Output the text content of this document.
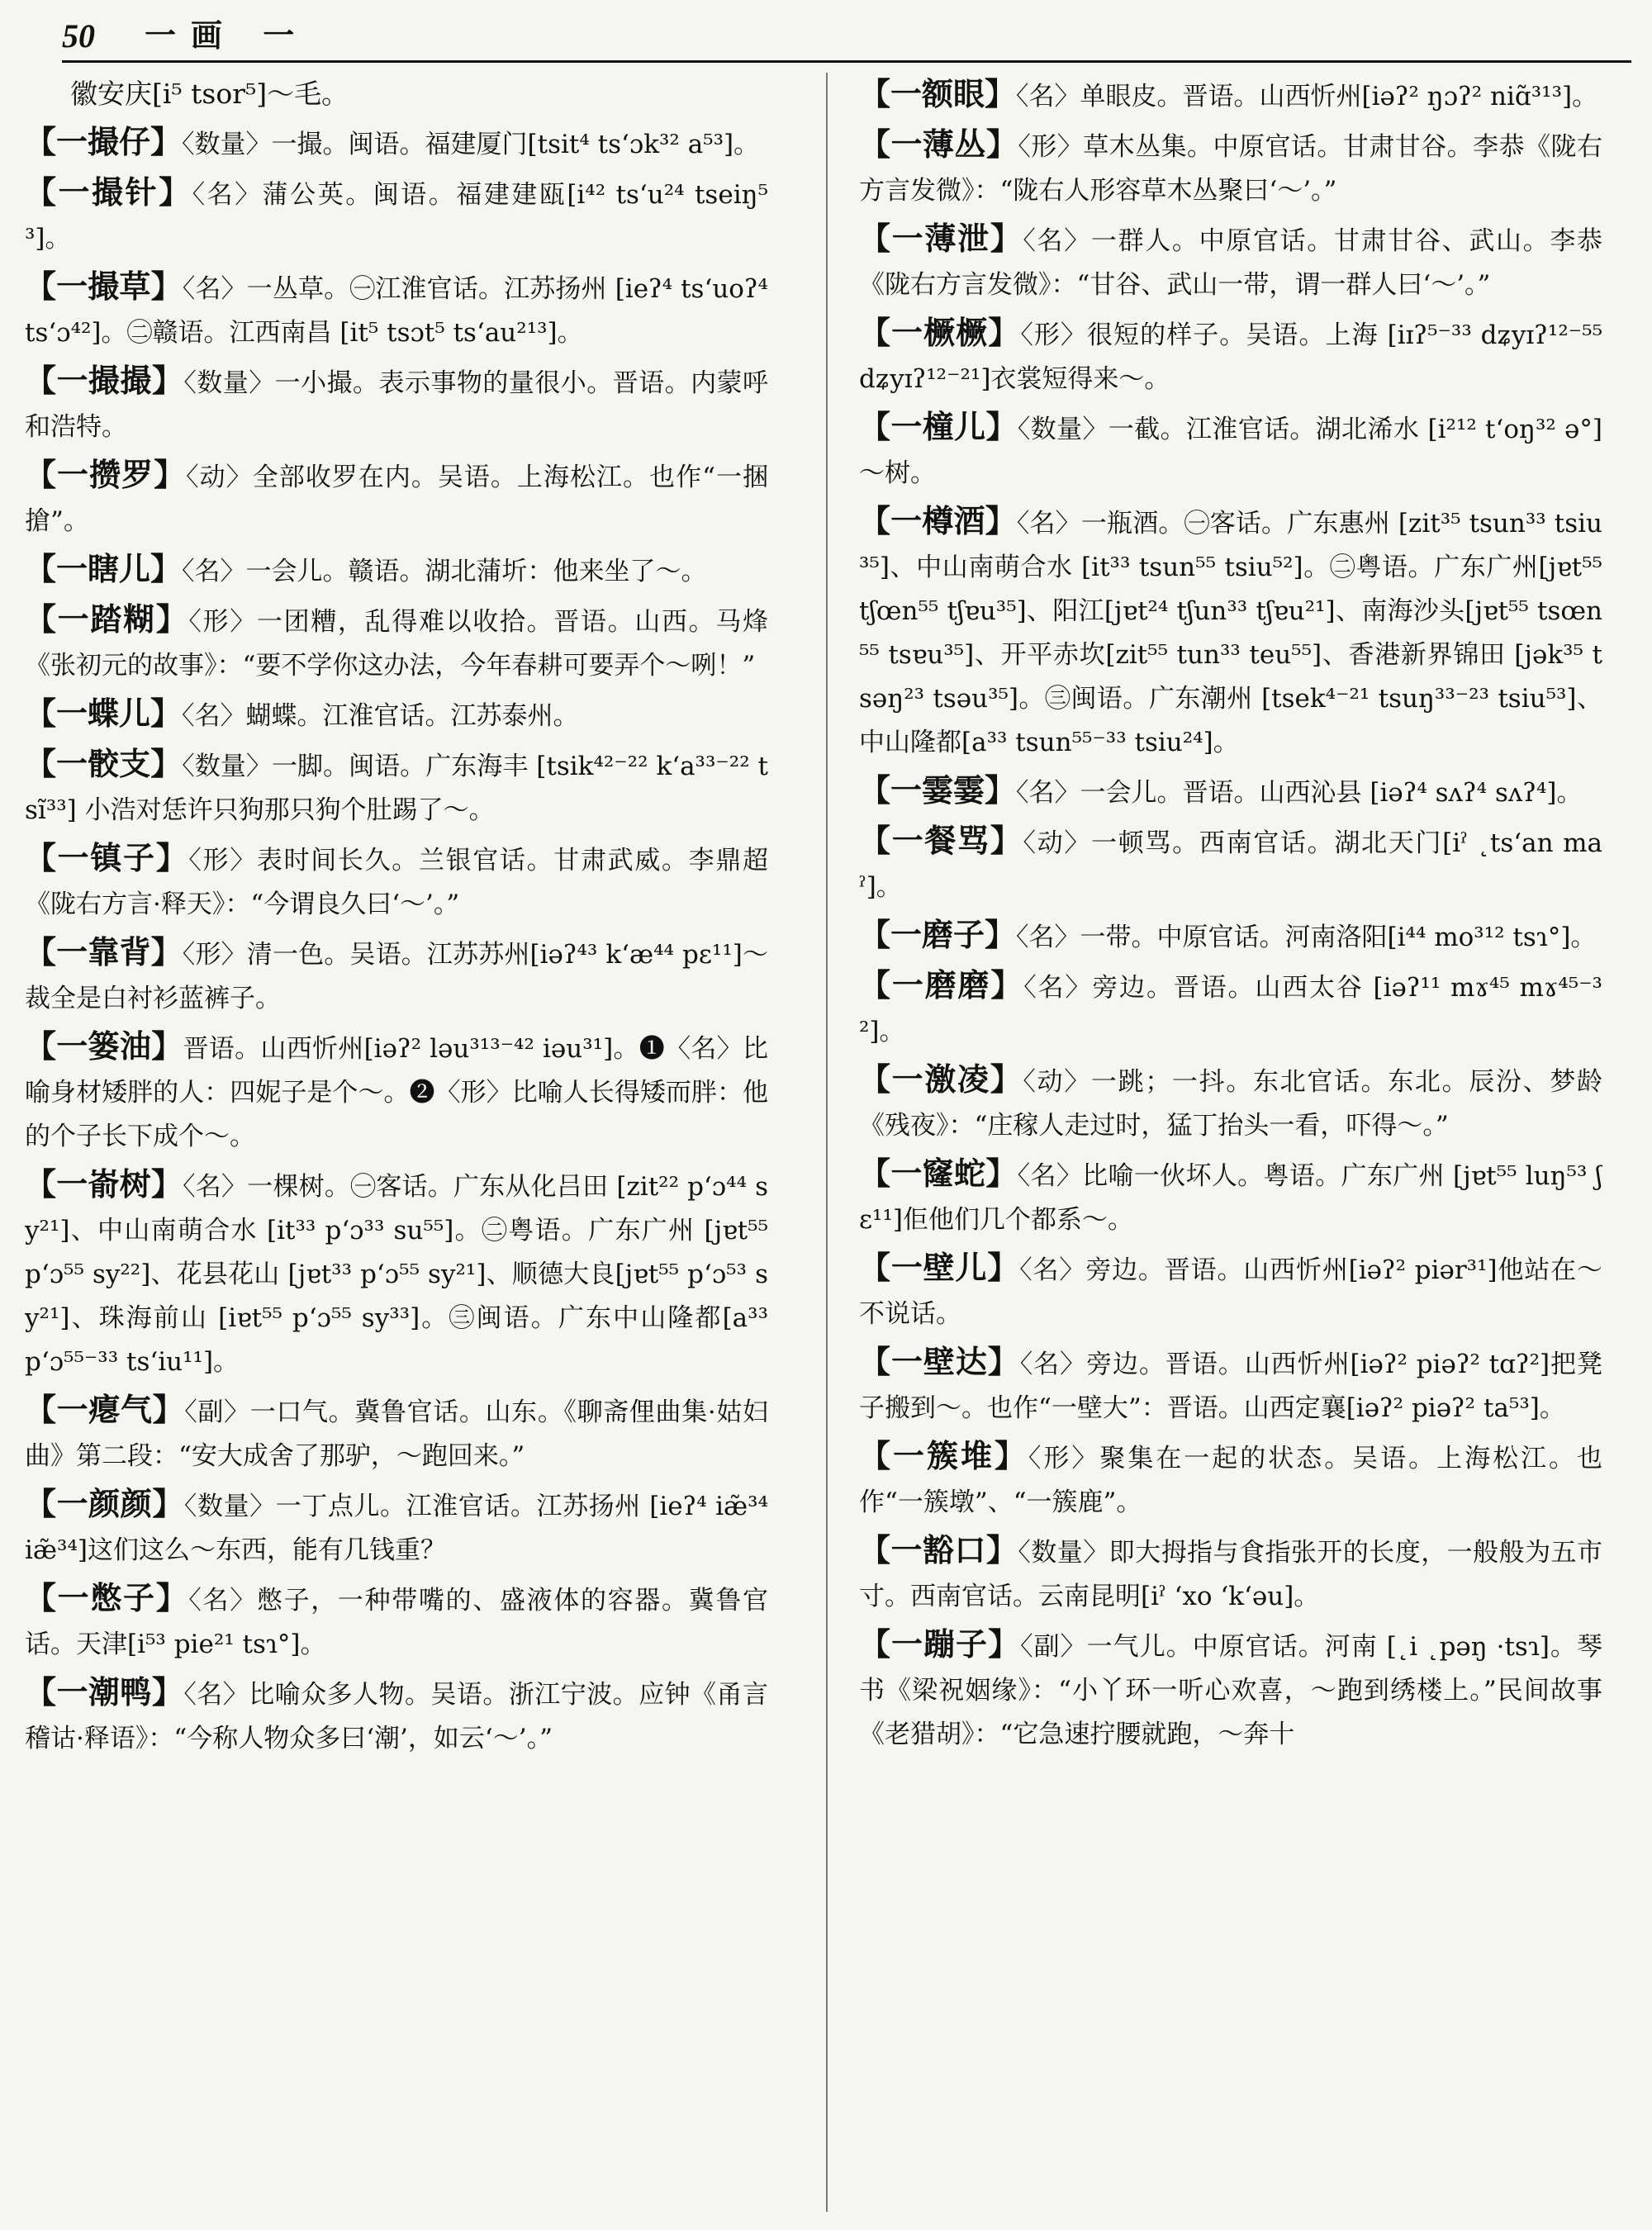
50 一画 一

徽安庆[i⁵ tsor⁵]～毛。

【一撮仔】〈数量〉一撮。闽语。福建厦门[tsit⁴ ts‘ɔk³² a⁵³]。

【一撮针】〈名〉蒲公英。闽语。福建建瓯[i⁴² ts‘u²⁴ tseiŋ⁵³]。

【一撮草】〈名〉一丛草。㊀江淮官话。江苏扬州 [ieʔ⁴ ts‘uoʔ⁴ ts‘ɔ⁴²]。㊁赣语。江西南昌 [it⁵ tsɔt⁵ ts‘au²¹³]。

【一撮撮】〈数量〉一小撮。表示事物的量很小。晋语。内蒙呼和浩特。

【一攒罗】〈动〉全部收罗在内。吴语。上海松江。也作“一捆搶”。

【一瞎儿】〈名〉一会儿。赣语。湖北蒲圻：他来坐了～。

【一踏糊】〈形〉一团糟，乱得难以收拾。晋语。山西。马烽《张初元的故事》：“要不学你这办法，今年春耕可要弄个～咧！”

【一蝶儿】〈名〉蝴蝶。江淮官话。江苏泰州。

【一骹支】〈数量〉一脚。闽语。广东海丰 [tsik⁴²⁻²² k‘a³³⁻²² tsĩ³³] 小浩对恁许只狗那只狗个肚踢了～。

【一镇子】〈形〉表时间长久。兰银官话。甘肃武威。李鼎超《陇右方言·释天》：“今谓良久曰‘～’。”

【一靠背】〈形〉清一色。吴语。江苏苏州[iəʔ⁴³ k‘æ⁴⁴ pɛ¹¹]～裁全是白衬衫蓝裤子。

【一篓油】晋语。山西忻州[iəʔ² ləu³¹³⁻⁴² iəu³¹]。❶〈名〉比喻身材矮胖的人：四妮子是个～。❷〈形〉比喻人长得矮而胖：他的个子长下成个～。

【一嵛树】〈名〉一棵树。㊀客话。广东从化吕田 [zit²² p‘ɔ⁴⁴ sy²¹]、中山南萌合水 [it³³ p‘ɔ³³ su⁵⁵]。㊁粤语。广东广州 [jɐt⁵⁵ p‘ɔ⁵⁵ sy²²]、花县花山 [jɐt³³ p‘ɔ⁵⁵ sy²¹]、顺德大良[jɐt⁵⁵ p‘ɔ⁵³ sy²¹]、珠海前山 [iɐt⁵⁵ p‘ɔ⁵⁵ sy³³]。㊂闽语。广东中山隆都[a³³ p‘ɔ⁵⁵⁻³³ ts‘iu¹¹]。

【一瘪气】〈副〉一口气。冀鲁官话。山东。《聊斋俚曲集·姑妇曲》第二段：“安大成舍了那驴，～跑回来。”

【一颜颜】〈数量〉一丁点儿。江淮官话。江苏扬州 [ieʔ⁴ iæ̃³⁴ iæ̃³⁴]这们这么～东西，能有几钱重？

【一憋子】〈名〉憋子，一种带嘴的、盛液体的容器。冀鲁官话。天津[i⁵³ pie²¹ tsɿ°]。

【一潮鸭】〈名〉比喻众多人物。吴语。浙江宁波。应钟《甬言稽诂·释语》：“今称人物众多曰‘潮’，如云‘～’。”

【一额眼】〈名〉单眼皮。晋语。山西忻州[iəʔ² ŋɔʔ² niɑ̃³¹³]。

【一薄丛】〈形〉草木丛集。中原官话。甘肃甘谷。李恭《陇右方言发微》：“陇右人形容草木丛聚曰‘～’。”

【一薄泄】〈名〉一群人。中原官话。甘肃甘谷、武山。李恭《陇右方言发微》：“甘谷、武山一带，谓一群人曰‘～’。”

【一橛橛】〈形〉很短的样子。吴语。上海 [iɪʔ⁵⁻³³ dʑyɪʔ¹²⁻⁵⁵ dʑyɪʔ¹²⁻²¹]衣裳短得来～。

【一橦儿】〈数量〉一截。江淮官话。湖北浠水 [i²¹² t‘oŋ³² ə°]～树。

【一樽酒】〈名〉一瓶酒。㊀客话。广东惠州 [zit³⁵ tsun³³ tsiu³⁵]、中山南萌合水 [it³³ tsun⁵⁵ tsiu⁵²]。㊁粤语。广东广州[jɐt⁵⁵ tʃœn⁵⁵ tʃɐu³⁵]、阳江[jɐt²⁴ tʃun³³ tʃɐu²¹]、南海沙头[jɐt⁵⁵ tsœn⁵⁵ tsɐu³⁵]、开平赤坎[zit⁵⁵ tun³³ teu⁵⁵]、香港新界锦田 [jək³⁵ tsəŋ²³ tsəu³⁵]。㊂闽语。广东潮州 [tsek⁴⁻²¹ tsuŋ³³⁻²³ tsiu⁵³]、中山隆都[a³³ tsun⁵⁵⁻³³ tsiu²⁴]。

【一霎霎】〈名〉一会儿。晋语。山西沁县 [iəʔ⁴ sʌʔ⁴ sʌʔ⁴]。

【一餐骂】〈动〉一顿骂。西南官话。湖北天门[iˀ ˛ts‘an maˀ]。

【一磨子】〈名〉一带。中原官话。河南洛阳[i⁴⁴ mo³¹² tsɿ°]。

【一磨磨】〈名〉旁边。晋语。山西太谷 [iəʔ¹¹ mɤ⁴⁵ mɤ⁴⁵⁻³²]。

【一激凌】〈动〉一跳；一抖。东北官话。东北。辰汾、梦龄《残夜》：“庄稼人走过时，猛丁抬头一看，吓得～。”

【一窿蛇】〈名〉比喻一伙坏人。粤语。广东广州 [jɐt⁵⁵ luŋ⁵³ ʃɛ¹¹]佢他们几个都系～。

【一壁儿】〈名〉旁边。晋语。山西忻州[iəʔ² piər³¹]他站在～不说话。

【一壁达】〈名〉旁边。晋语。山西忻州[iəʔ² piəʔ² tɑʔ²]把凳子搬到～。也作“一壁大”：晋语。山西定襄[iəʔ² piəʔ² ta⁵³]。

【一簇堆】〈形〉聚集在一起的状态。吴语。上海松江。也作“一簇墩”、“一簇鹿”。

【一豁口】〈数量〉即大拇指与食指张开的长度，一般般为五市寸。西南官话。云南昆明[iˀ ‘xo ‘k‘əu]。

【一蹦子】〈副〉一气儿。中原官话。河南 [˛i ˛pəŋ ·tsɿ]。琴书《梁祝姻缘》：“小丫环一听心欢喜，～跑到绣楼上。”民间故事《老猎胡》：“它急速拧腰就跑，～奔十
